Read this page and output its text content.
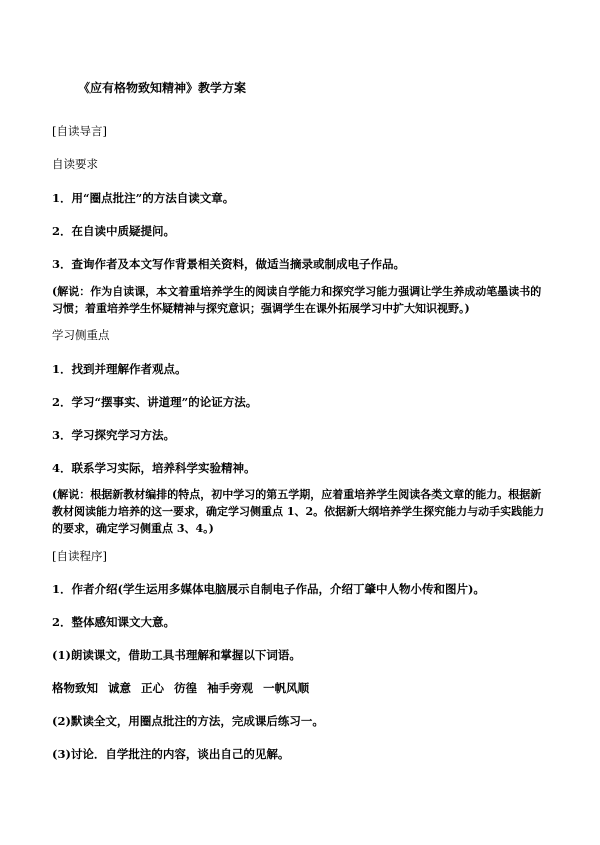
《应有格物致知精神》教学方案
[自读导言]
自读要求
1．用“圈点批注”的方法自读文章。
2．在自读中质疑提问。
3．查询作者及本文写作背景相关资料，做适当摘录或制成电子作品。
(解说：作为自读课，本文着重培养学生的阅读自学能力和探究学习能力强调让学生养成动笔墨读书的习惯；着重培养学生怀疑精神与探究意识；强调学生在课外拓展学习中扩大知识视野。)
学习侧重点
1．找到并理解作者观点。
2．学习“摆事实、讲道理”的论证方法。
3．学习探究学习方法。
4．联系学习实际，培养科学实验精神。
(解说：根据新教材编排的特点，初中学习的第五学期，应着重培养学生阅读各类文章的能力。根据新教材阅读能力培养的这一要求，确定学习侧重点 1、2。依据新大纲培养学生探究能力与动手实践能力的要求，确定学习侧重点 3、4。)
[自读程序]
1．作者介绍(学生运用多媒体电脑展示自制电子作品，介绍丁肇中人物小传和图片)。
2．整体感知课文大意。
(1)朗读课文，借助工具书理解和掌握以下词语。
格物致知 诚意 正心 彷徨 袖手旁观 一帆风顺
(2)默读全文，用圈点批注的方法，完成课后练习一。
(3)讨论．自学批注的内容，谈出自己的见解。
